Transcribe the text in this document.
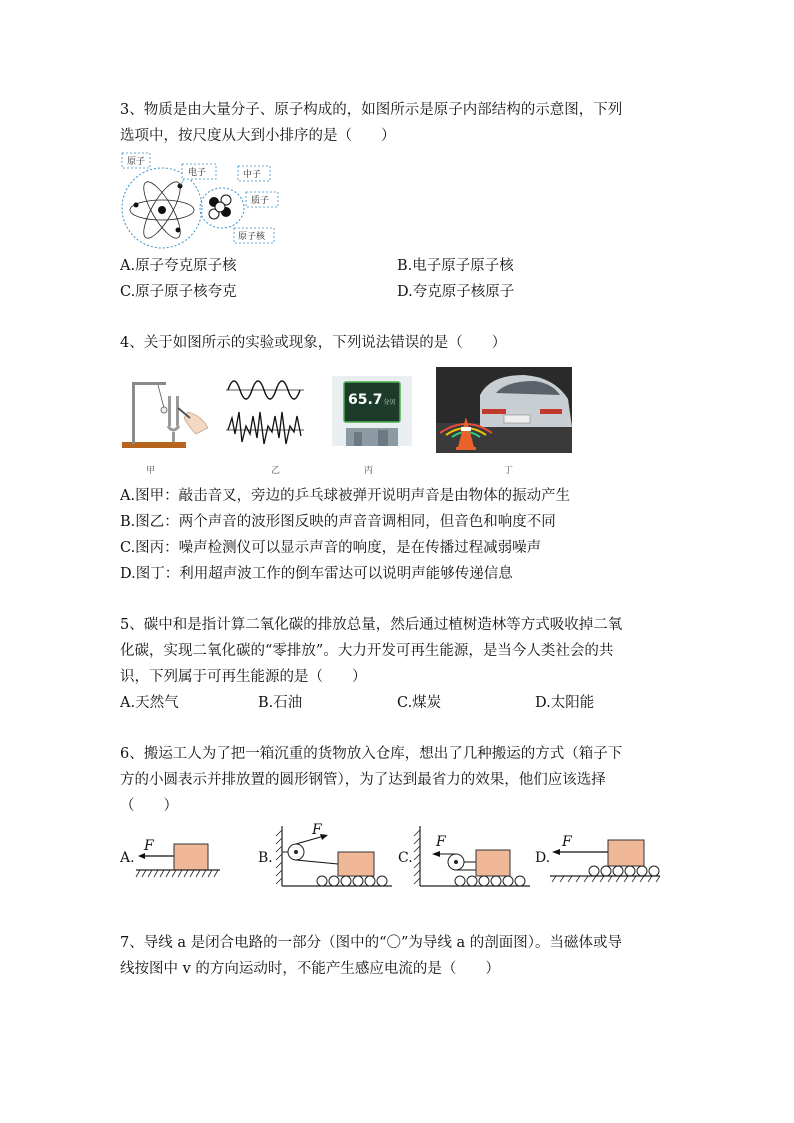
3、物质是由大量分子、原子构成的，如图所示是原子内部结构的示意图，下列
选项中，按尺度从大到小排序的是（　　）
原子
电子	中子
质子
原子核
A.原子夸克原子核	B.电子原子原子核
C.原子原子核夸克	D.夸克原子核原子
4、关于如图所示的实验或现象，下列说法错误的是（　　）
甲	乙
65.7分贝
丙	丁
A.图甲：敲击音叉，旁边的乒乓球被弹开说明声音是由物体的振动产生
B.图乙：两个声音的波形图反映的声音音调相同，但音色和响度不同
C.图丙：噪声检测仪可以显示声音的响度，是在传播过程减弱噪声
D.图丁：利用超声波工作的倒车雷达可以说明声能够传递信息
5、碳中和是指计算二氧化碳的排放总量，然后通过植树造林等方式吸收掉二氧
化碳，实现二氧化碳的“零排放”。大力开发可再生能源，是当今人类社会的共
识，下列属于可再生能源的是（　　）
A.天然气	B.石油	C.煤炭	D.太阳能
6、搬运工人为了把一箱沉重的货物放入仓库，想出了几种搬运的方式（箱子下
方的小圆表示并排放置的圆形钢管），为了达到最省力的效果，他们应该选择
（　　）
A.
F
B.
F
C.
F
D.
F
7、导线 a 是闭合电路的一部分（图中的“〇”为导线 a 的剖面图）。当磁体或导
线按图中 v 的方向运动时，不能产生感应电流的是（　　）
